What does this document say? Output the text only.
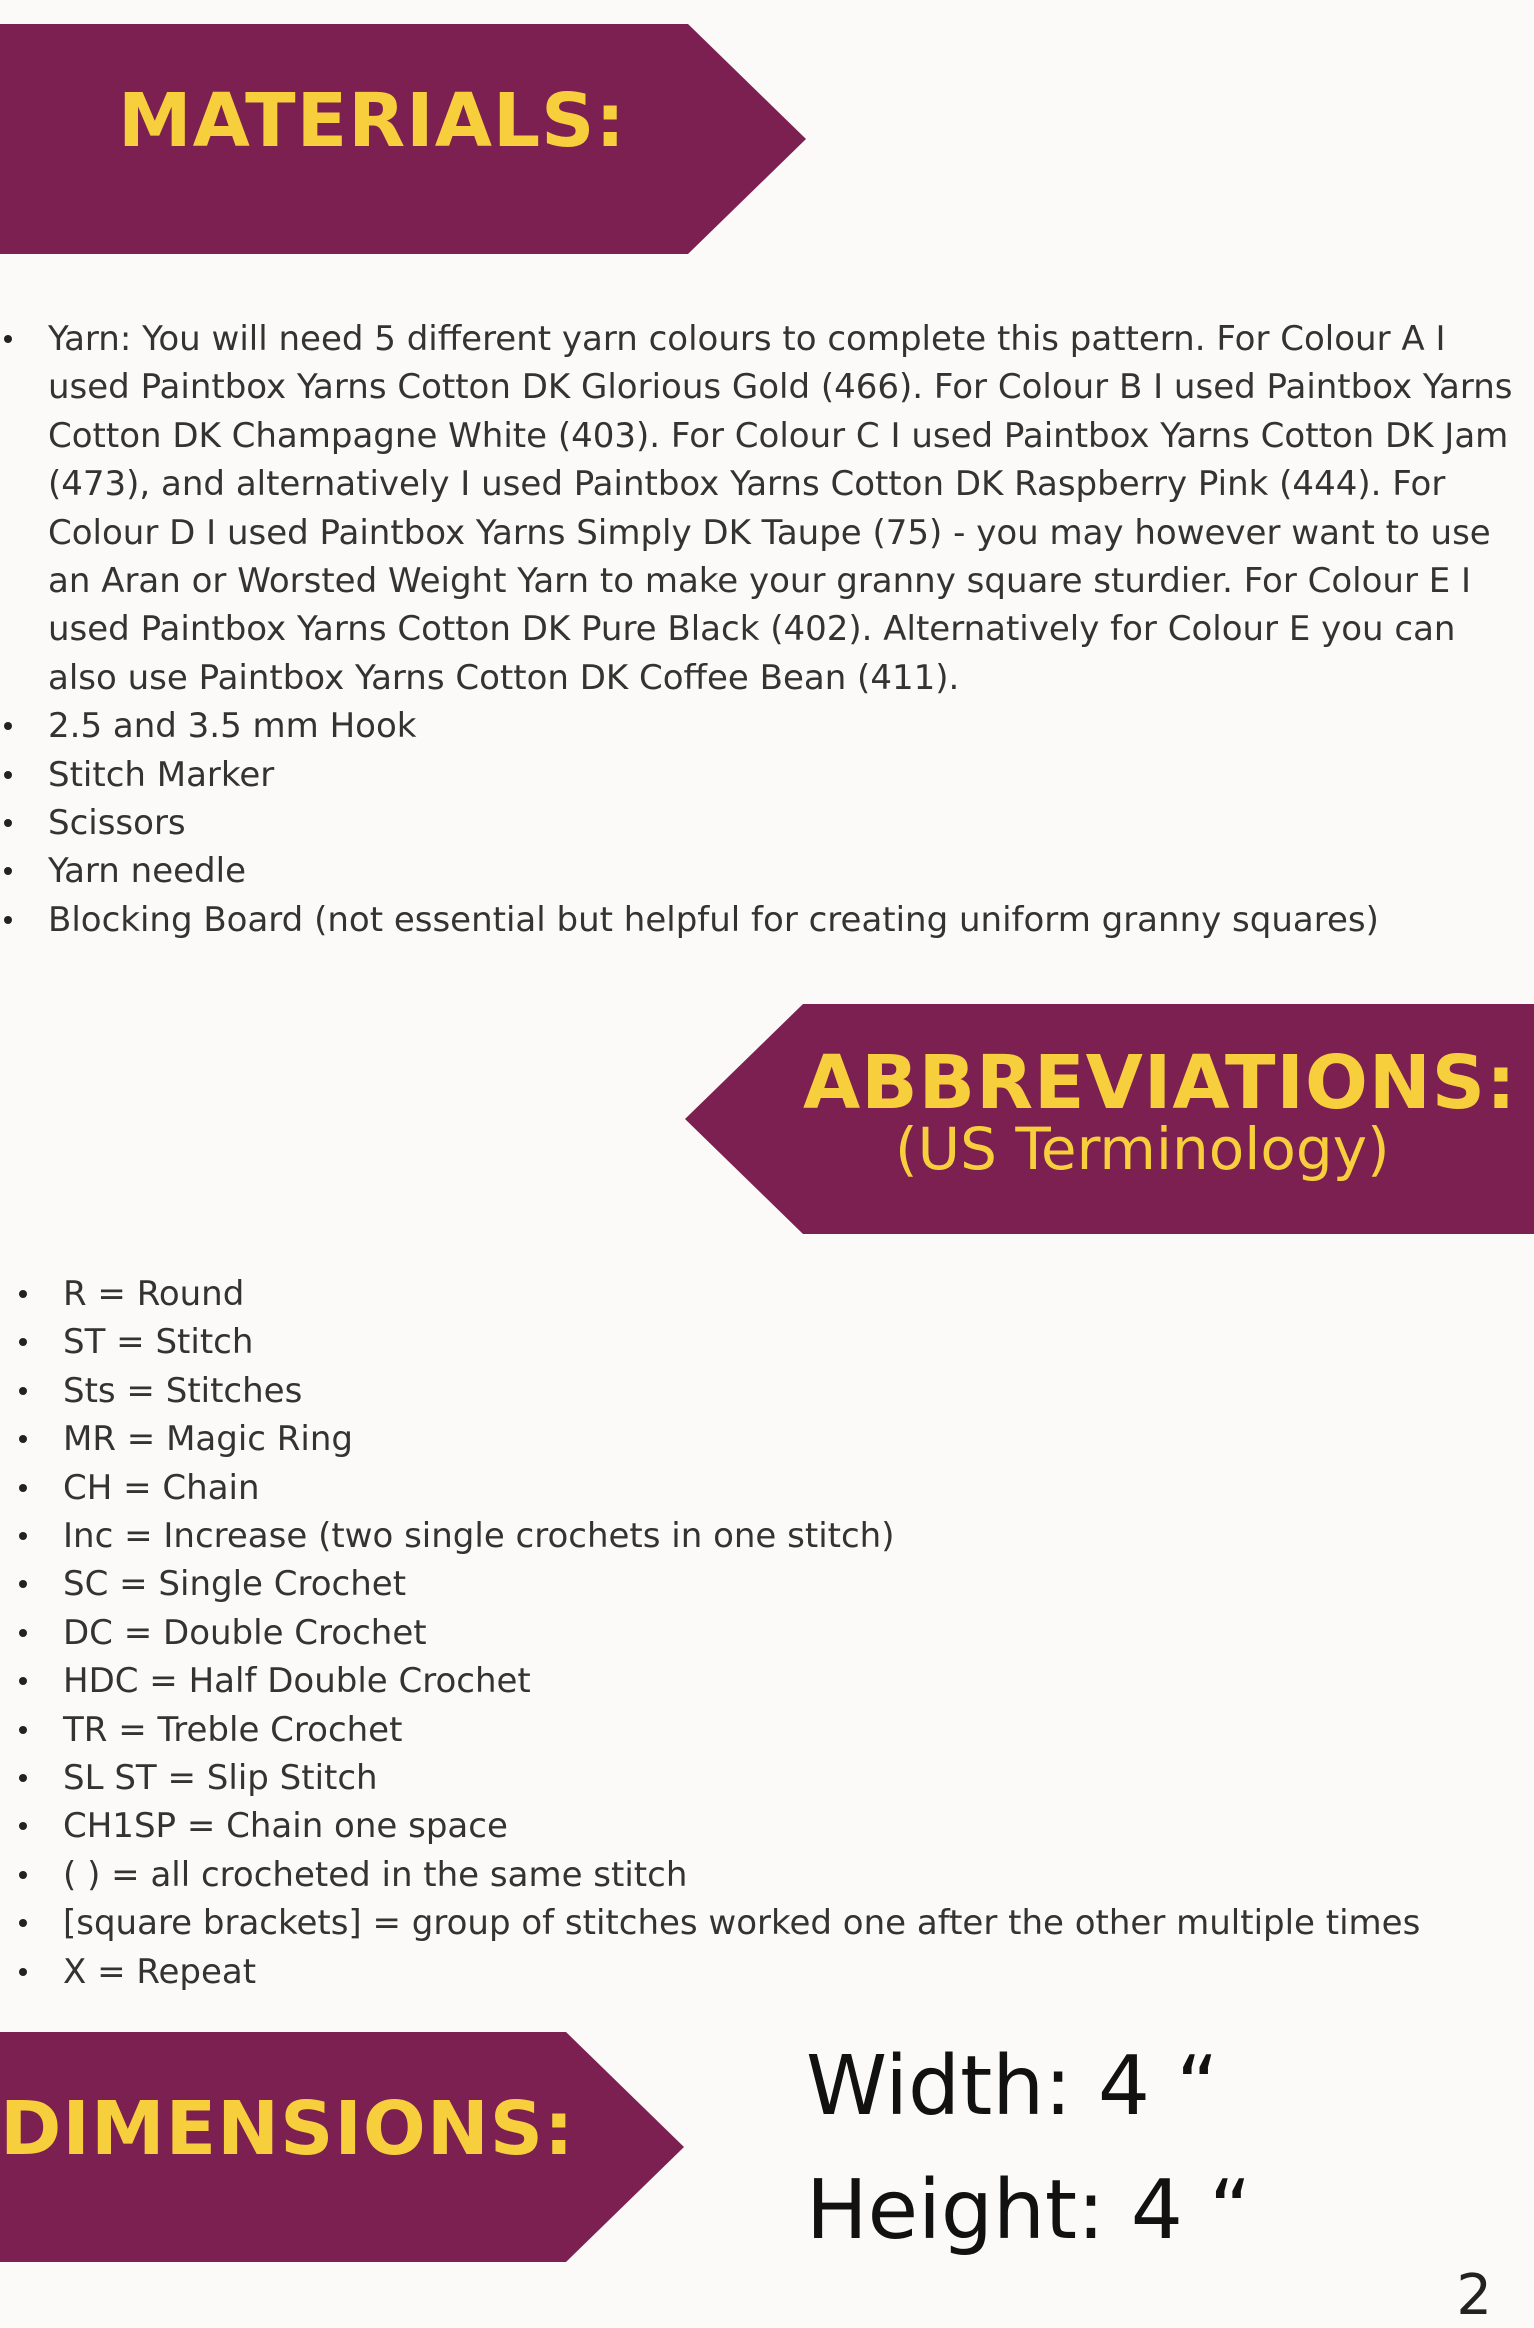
MATERIALS:
Yarn: You will need 5 different yarn colours to complete this pattern. For Colour A I used Paintbox Yarns Cotton DK Glorious Gold (466). For Colour B I used Paintbox Yarns Cotton DK Champagne White (403). For Colour C I used Paintbox Yarns Cotton DK Jam (473), and alternatively I used Paintbox Yarns Cotton DK Raspberry Pink (444). For Colour D I used Paintbox Yarns Simply DK Taupe (75) - you may however want to use an Aran or Worsted Weight Yarn to make your granny square sturdier. For Colour E I used Paintbox Yarns Cotton DK Pure Black (402). Alternatively for Colour E you can also use Paintbox Yarns Cotton DK Coffee Bean (411).
2.5 and 3.5 mm Hook
Stitch Marker
Scissors
Yarn needle
Blocking Board (not essential but helpful for creating uniform granny squares)
ABBREVIATIONS:
(US Terminology)
R = Round
ST = Stitch
Sts = Stitches
MR = Magic Ring
CH = Chain
Inc = Increase (two single crochets in one stitch)
SC = Single Crochet
DC = Double Crochet
HDC = Half Double Crochet
TR = Treble Crochet
SL ST = Slip Stitch
CH1SP = Chain one space
( ) = all crocheted in the same stitch
[square brackets] = group of stitches worked one after the other multiple times
X = Repeat
DIMENSIONS:	Width: 4 “
Height: 4 “
2
